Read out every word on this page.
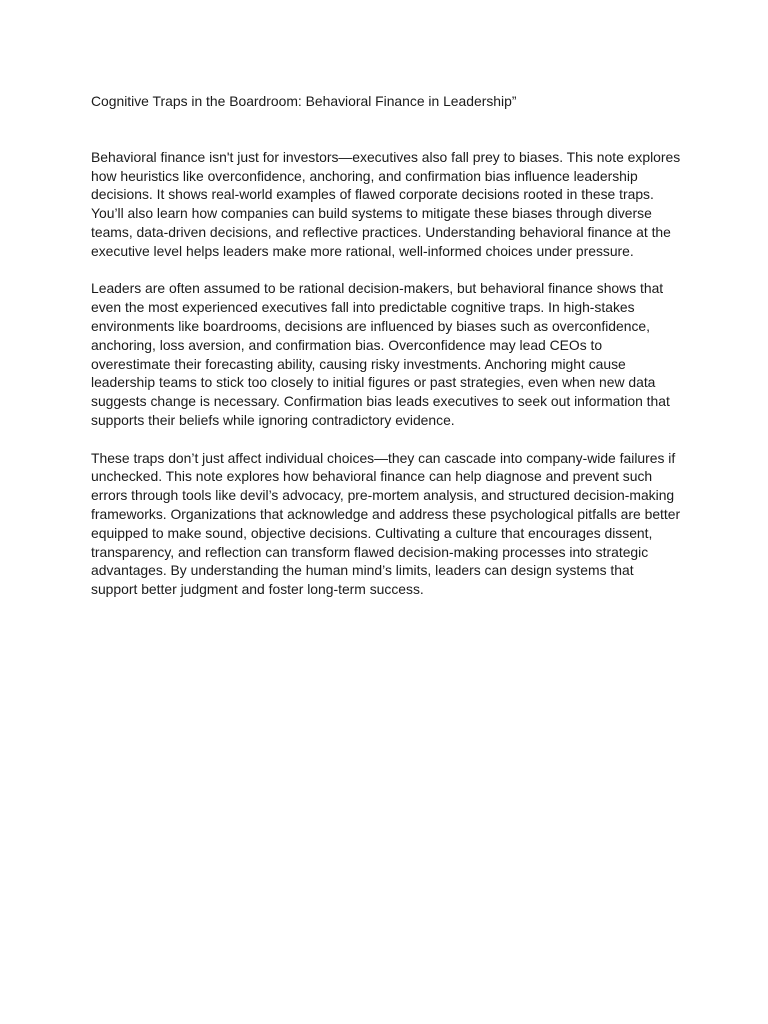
Cognitive Traps in the Boardroom: Behavioral Finance in Leadership”

Behavioral finance isn't just for investors—executives also fall prey to biases. This note explores how heuristics like overconfidence, anchoring, and confirmation bias influence leadership decisions. It shows real-world examples of flawed corporate decisions rooted in these traps. You’ll also learn how companies can build systems to mitigate these biases through diverse teams, data-driven decisions, and reflective practices. Understanding behavioral finance at the executive level helps leaders make more rational, well-informed choices under pressure.

Leaders are often assumed to be rational decision-makers, but behavioral finance shows that even the most experienced executives fall into predictable cognitive traps. In high-stakes environments like boardrooms, decisions are influenced by biases such as overconfidence, anchoring, loss aversion, and confirmation bias. Overconfidence may lead CEOs to overestimate their forecasting ability, causing risky investments. Anchoring might cause leadership teams to stick too closely to initial figures or past strategies, even when new data suggests change is necessary. Confirmation bias leads executives to seek out information that supports their beliefs while ignoring contradictory evidence.

These traps don’t just affect individual choices—they can cascade into company-wide failures if unchecked. This note explores how behavioral finance can help diagnose and prevent such errors through tools like devil’s advocacy, pre-mortem analysis, and structured decision-making frameworks. Organizations that acknowledge and address these psychological pitfalls are better equipped to make sound, objective decisions. Cultivating a culture that encourages dissent, transparency, and reflection can transform flawed decision-making processes into strategic advantages. By understanding the human mind’s limits, leaders can design systems that support better judgment and foster long-term success.
